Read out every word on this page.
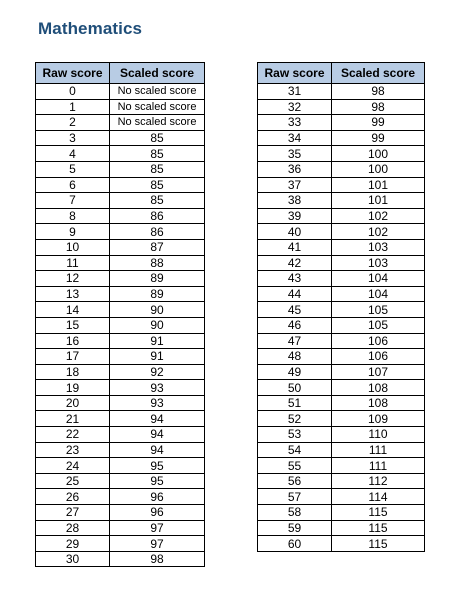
Mathematics
Raw score	Scaled score
0	No scaled score
1	No scaled score
2	No scaled score
3	85
4	85
5	85
6	85
7	85
8	86
9	86
10	87
11	88
12	89
13	89
14	90
15	90
16	91
17	91
18	92
19	93
20	93
21	94
22	94
23	94
24	95
25	95
26	96
27	96
28	97
29	97
30	98
Raw score	Scaled score
31	98
32	98
33	99
34	99
35	100
36	100
37	101
38	101
39	102
40	102
41	103
42	103
43	104
44	104
45	105
46	105
47	106
48	106
49	107
50	108
51	108
52	109
53	110
54	111
55	111
56	112
57	114
58	115
59	115
60	115
